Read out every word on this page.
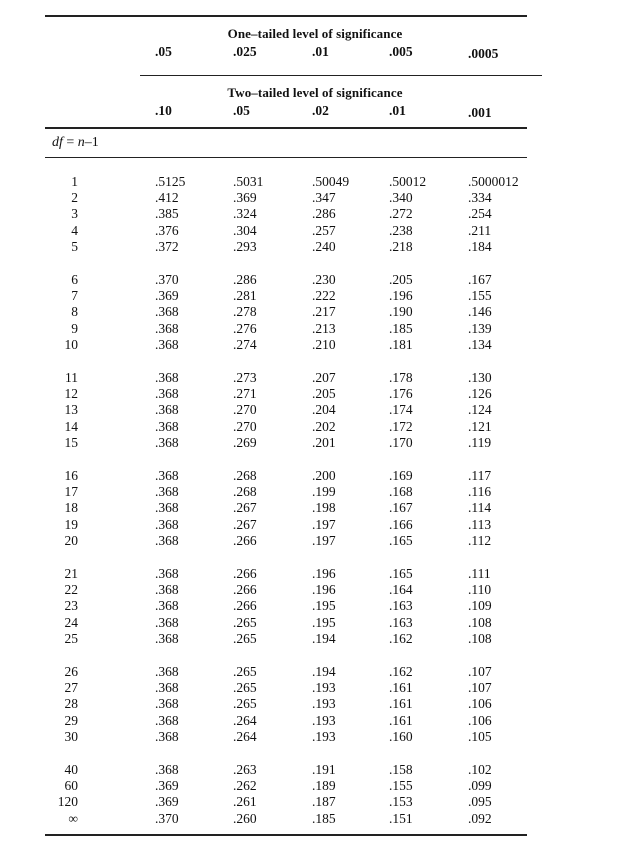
One–tailed level of significance
.05	.025	.01	.005	.0005
Two–tailed level of significance
.10	.05	.02	.01	.001
df = n–1
1	.5125	.5031	.50049	.50012	.5000012
2	.412	.369	.347	.340	.334
3	.385	.324	.286	.272	.254
4	.376	.304	.257	.238	.211
5	.372	.293	.240	.218	.184
6	.370	.286	.230	.205	.167
7	.369	.281	.222	.196	.155
8	.368	.278	.217	.190	.146
9	.368	.276	.213	.185	.139
10	.368	.274	.210	.181	.134
11	.368	.273	.207	.178	.130
12	.368	.271	.205	.176	.126
13	.368	.270	.204	.174	.124
14	.368	.270	.202	.172	.121
15	.368	.269	.201	.170	.119
16	.368	.268	.200	.169	.117
17	.368	.268	.199	.168	.116
18	.368	.267	.198	.167	.114
19	.368	.267	.197	.166	.113
20	.368	.266	.197	.165	.112
21	.368	.266	.196	.165	.111
22	.368	.266	.196	.164	.110
23	.368	.266	.195	.163	.109
24	.368	.265	.195	.163	.108
25	.368	.265	.194	.162	.108
26	.368	.265	.194	.162	.107
27	.368	.265	.193	.161	.107
28	.368	.265	.193	.161	.106
29	.368	.264	.193	.161	.106
30	.368	.264	.193	.160	.105
40	.368	.263	.191	.158	.102
60	.369	.262	.189	.155	.099
120	.369	.261	.187	.153	.095
∞	.370	.260	.185	.151	.092
